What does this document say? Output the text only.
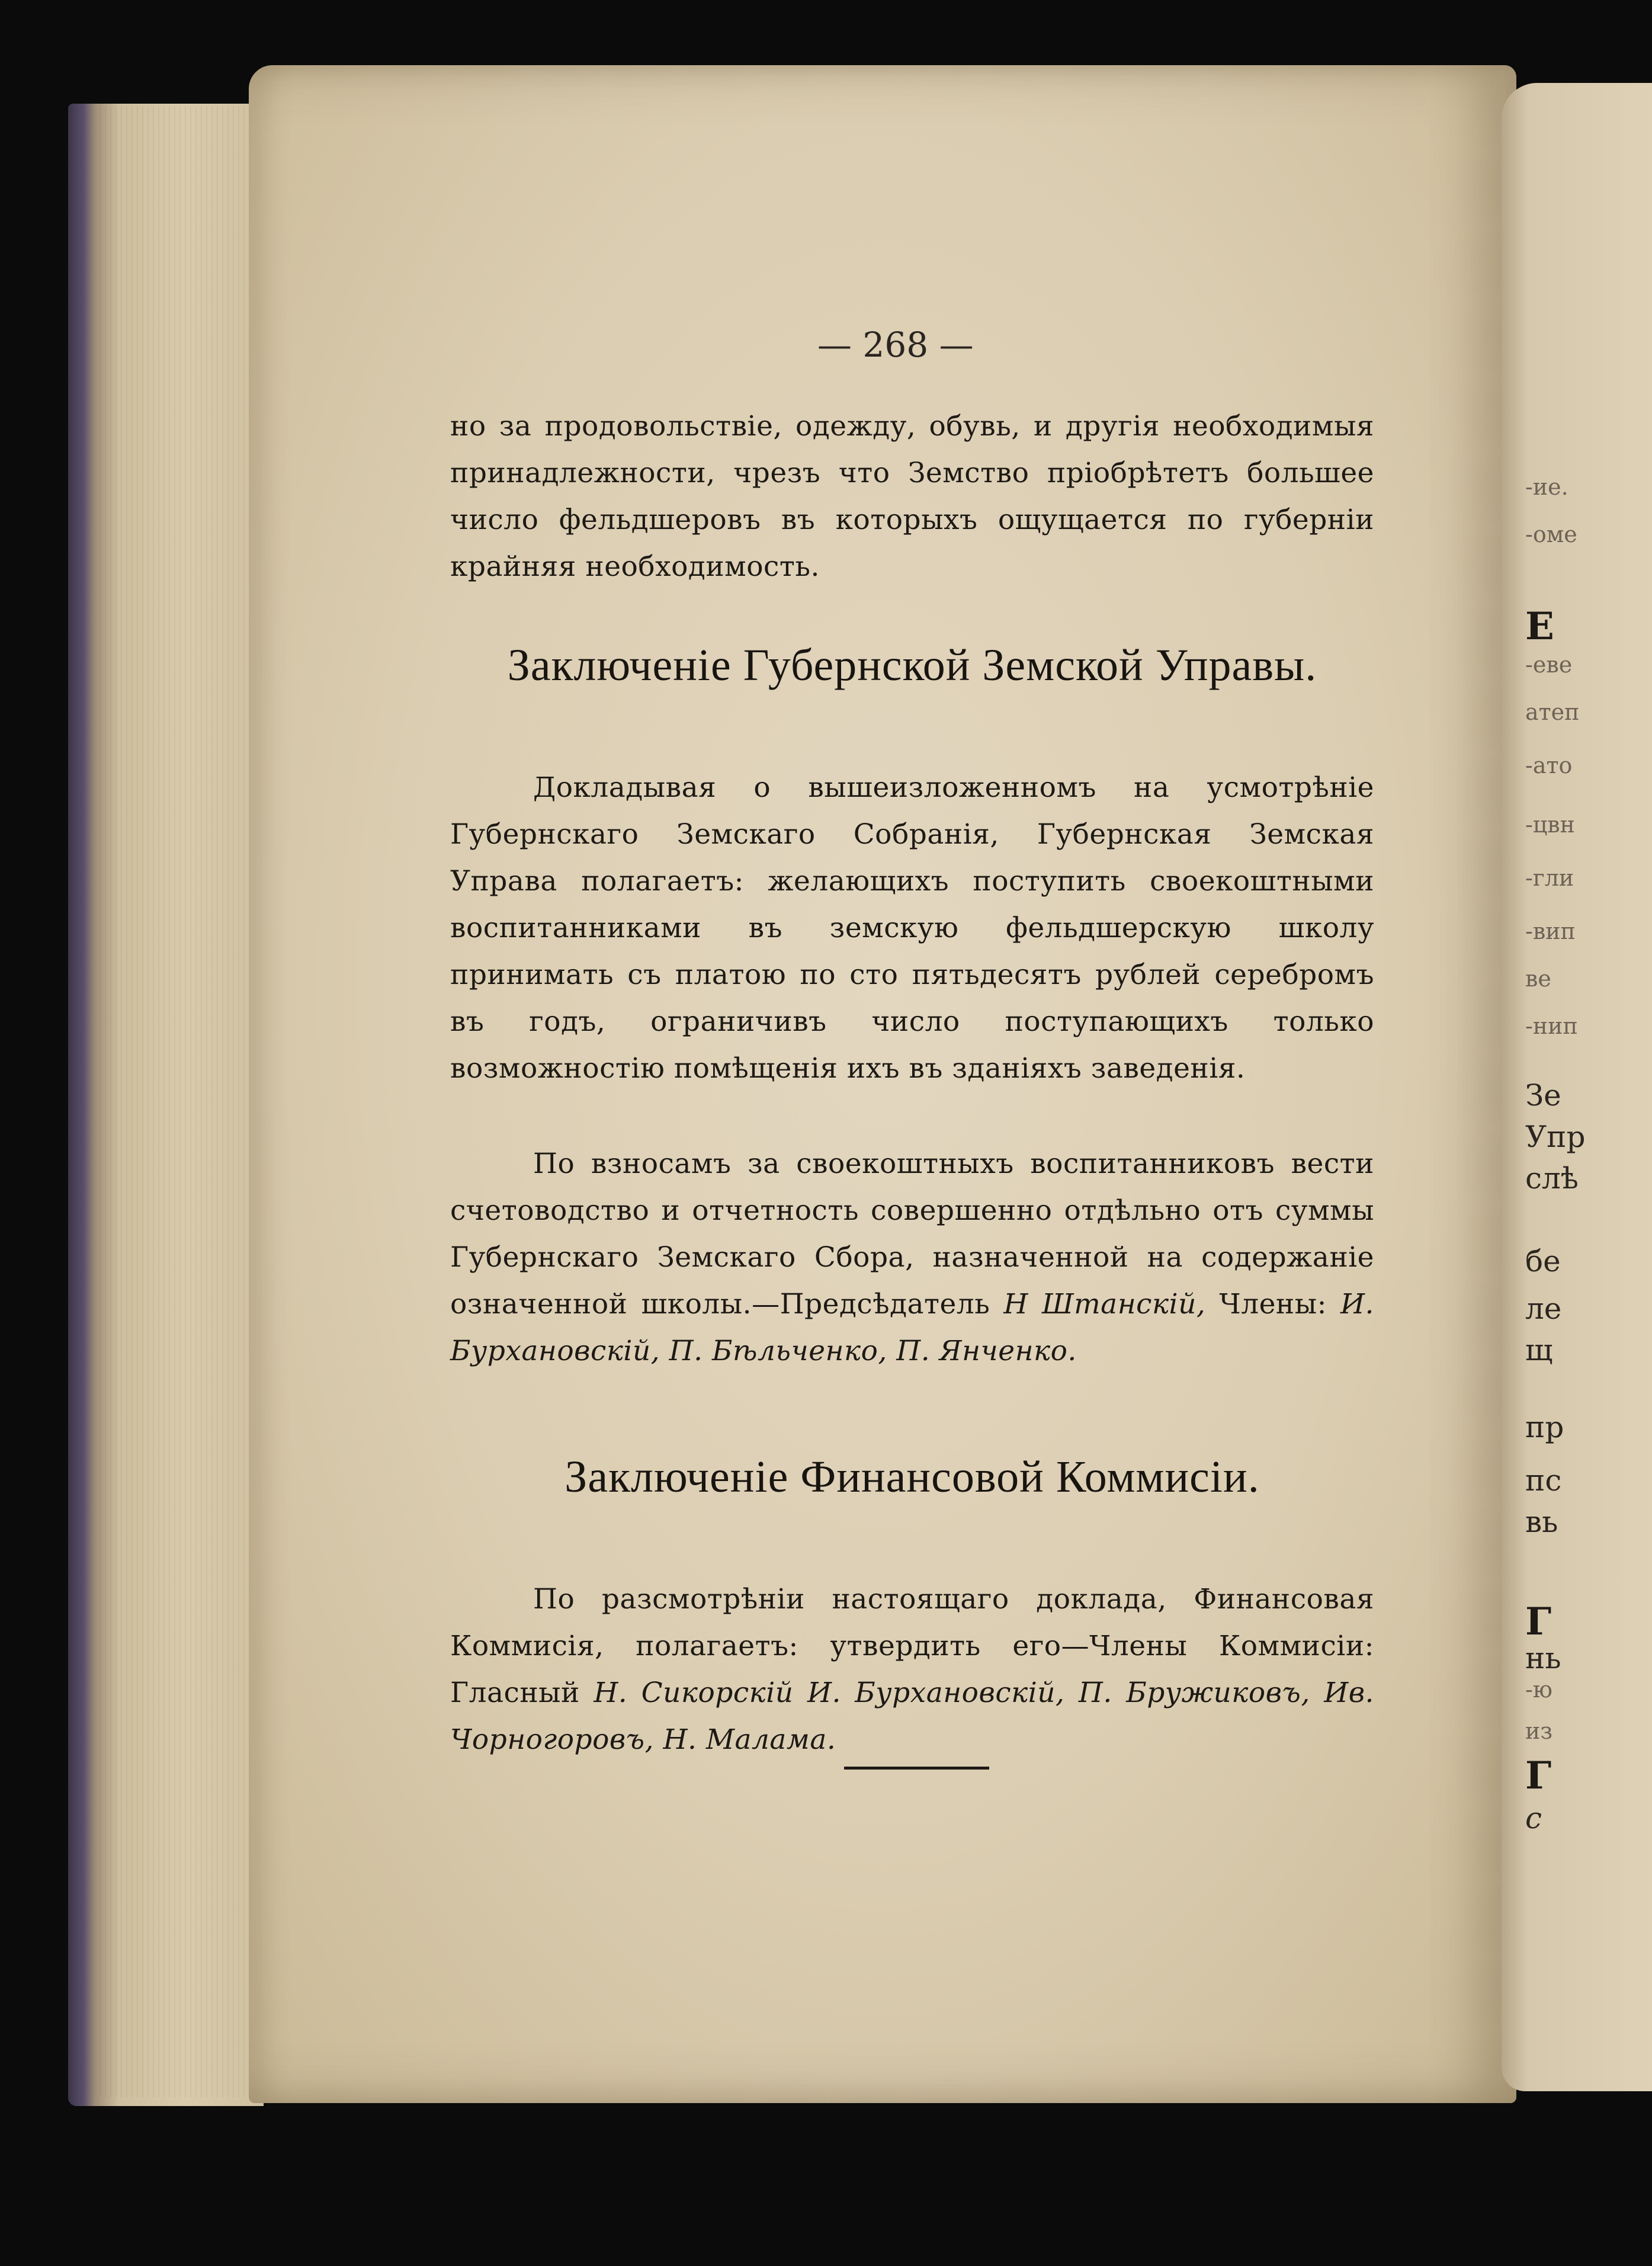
— 268 —
но за продовольствіе, одежду, обувь, и другія необходимыя принадлежности, чрезъ что Земство пріобрѣтетъ большее число фельдшеровъ въ которыхъ ощущается по губерніи крайняя необходимость.
Заключеніе Губернской Земской Управы.
Докладывая о вышеизложенномъ на усмотрѣніе Губернскаго Земскаго Собранія, Губернская Земская Управа полагаетъ: желающихъ поступить своекоштными воспитанниками въ земскую фельдшерскую школу принимать съ платою по сто пятьдесятъ рублей серебромъ въ годъ, ограничивъ число поступающихъ только возможностію помѣщенія ихъ въ зданіяхъ заведенія.
По взносамъ за своекоштныхъ воспитанниковъ вести счетоводство и отчетность совершенно отдѣльно отъ суммы Губернскаго Земскаго Сбора, назначенной на содержаніе означенной школы.—Предсѣдатель Н Штанскій, Члены: И. Бурхановскій, П. Бѣльченко, П. Янченко.
Заключеніе Финансовой Коммисіи.
По разсмотрѣніи настоящаго доклада, Финансовая Коммисія, полагаетъ: утвердить его—Члены Коммисіи: Гласный Н. Сикорскій И. Бурхановскій, П. Бружиковъ, Ив. Чорногоровъ, Н. Малама.
-ие.
-оме
Е
-еве
атеп
-ато
-цвн
-гли
-вип
ве
-нип
Зе
Упр
слѣ
бе
ле
щ
пр
пс
вь
Г
нь
-ю
из
Г
с
